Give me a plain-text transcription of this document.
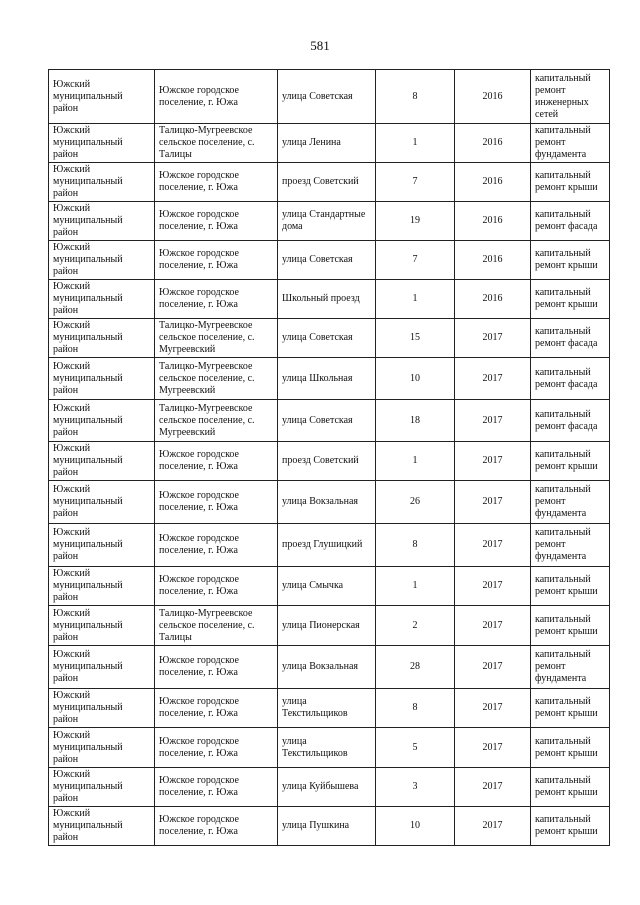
581
Южский муниципальный район	Южское городское поселение, г. Южа	улица Советская	8	2016	капитальный ремонт инженерных сетей
Южский муниципальный район	Талицко-Мугреевское сельское поселение, с. Талицы	улица Ленина	1	2016	капитальный ремонт фундамента
Южский муниципальный район	Южское городское поселение, г. Южа	проезд Советский	7	2016	капитальный ремонт крыши
Южский муниципальный район	Южское городское поселение, г. Южа	улица Стандартные дома	19	2016	капитальный ремонт фасада
Южский муниципальный район	Южское городское поселение, г. Южа	улица Советская	7	2016	капитальный ремонт крыши
Южский муниципальный район	Южское городское поселение, г. Южа	Школьный проезд	1	2016	капитальный ремонт крыши
Южский муниципальный район	Талицко-Мугреевское сельское поселение, с. Мугреевский	улица Советская	15	2017	капитальный ремонт фасада
Южский муниципальный район	Талицко-Мугреевское сельское поселение, с. Мугреевский	улица Школьная	10	2017	капитальный ремонт фасада
Южский муниципальный район	Талицко-Мугреевское сельское поселение, с. Мугреевский	улица Советская	18	2017	капитальный ремонт фасада
Южский муниципальный район	Южское городское поселение, г. Южа	проезд Советский	1	2017	капитальный ремонт крыши
Южский муниципальный район	Южское городское поселение, г. Южа	улица Вокзальная	26	2017	капитальный ремонт фундамента
Южский муниципальный район	Южское городское поселение, г. Южа	проезд Глушицкий	8	2017	капитальный ремонт фундамента
Южский муниципальный район	Южское городское поселение, г. Южа	улица Смычка	1	2017	капитальный ремонт крыши
Южский муниципальный район	Талицко-Мугреевское сельское поселение, с. Талицы	улица Пионерская	2	2017	капитальный ремонт крыши
Южский муниципальный район	Южское городское поселение, г. Южа	улица Вокзальная	28	2017	капитальный ремонт фундамента
Южский муниципальный район	Южское городское поселение, г. Южа	улица Текстильщиков	8	2017	капитальный ремонт крыши
Южский муниципальный район	Южское городское поселение, г. Южа	улица Текстильщиков	5	2017	капитальный ремонт крыши
Южский муниципальный район	Южское городское поселение, г. Южа	улица Куйбышева	3	2017	капитальный ремонт крыши
Южский муниципальный район	Южское городское поселение, г. Южа	улица Пушкина	10	2017	капитальный ремонт крыши
